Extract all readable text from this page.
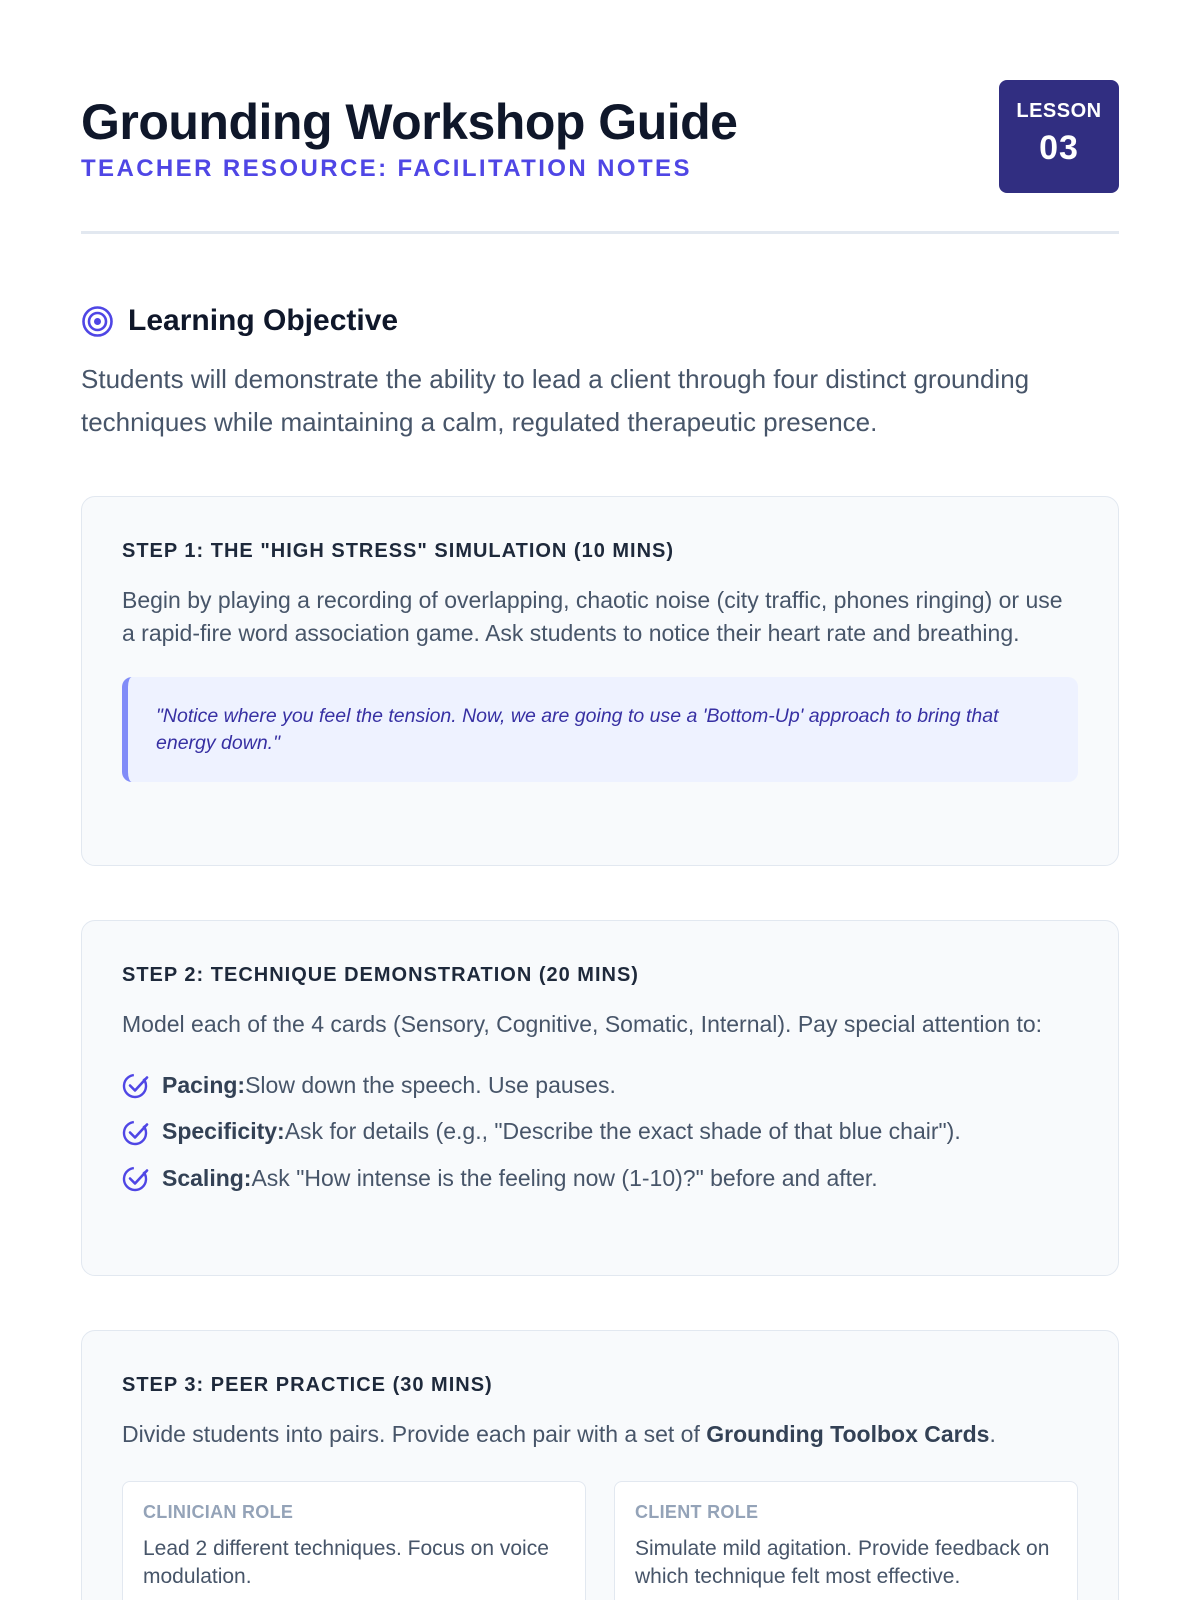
Grounding Workshop Guide
TEACHER RESOURCE: FACILITATION NOTES
LESSON
03
Learning Objective

Students will demonstrate the ability to lead a client through four distinct grounding techniques while maintaining a calm, regulated therapeutic presence.

STEP 1: THE "HIGH STRESS" SIMULATION (10 MINS)

Begin by playing a recording of overlapping, chaotic noise (city traffic, phones ringing) or use a rapid-fire word association game. Ask students to notice their heart rate and breathing.

"Notice where you feel the tension. Now, we are going to use a 'Bottom-Up' approach to bring that energy down."

STEP 2: TECHNIQUE DEMONSTRATION (20 MINS)

Model each of the 4 cards (Sensory, Cognitive, Somatic, Internal). Pay special attention to:

Pacing:Slow down the speech. Use pauses.
Specificity:Ask for details (e.g., "Describe the exact shade of that blue chair").
Scaling:Ask "How intense is the feeling now (1-10)?" before and after.
STEP 3: PEER PRACTICE (30 MINS)

Divide students into pairs. Provide each pair with a set of Grounding Toolbox Cards.

CLINICIAN ROLE

Lead 2 different techniques. Focus on voice modulation.

CLIENT ROLE

Simulate mild agitation. Provide feedback on which technique felt most effective.
